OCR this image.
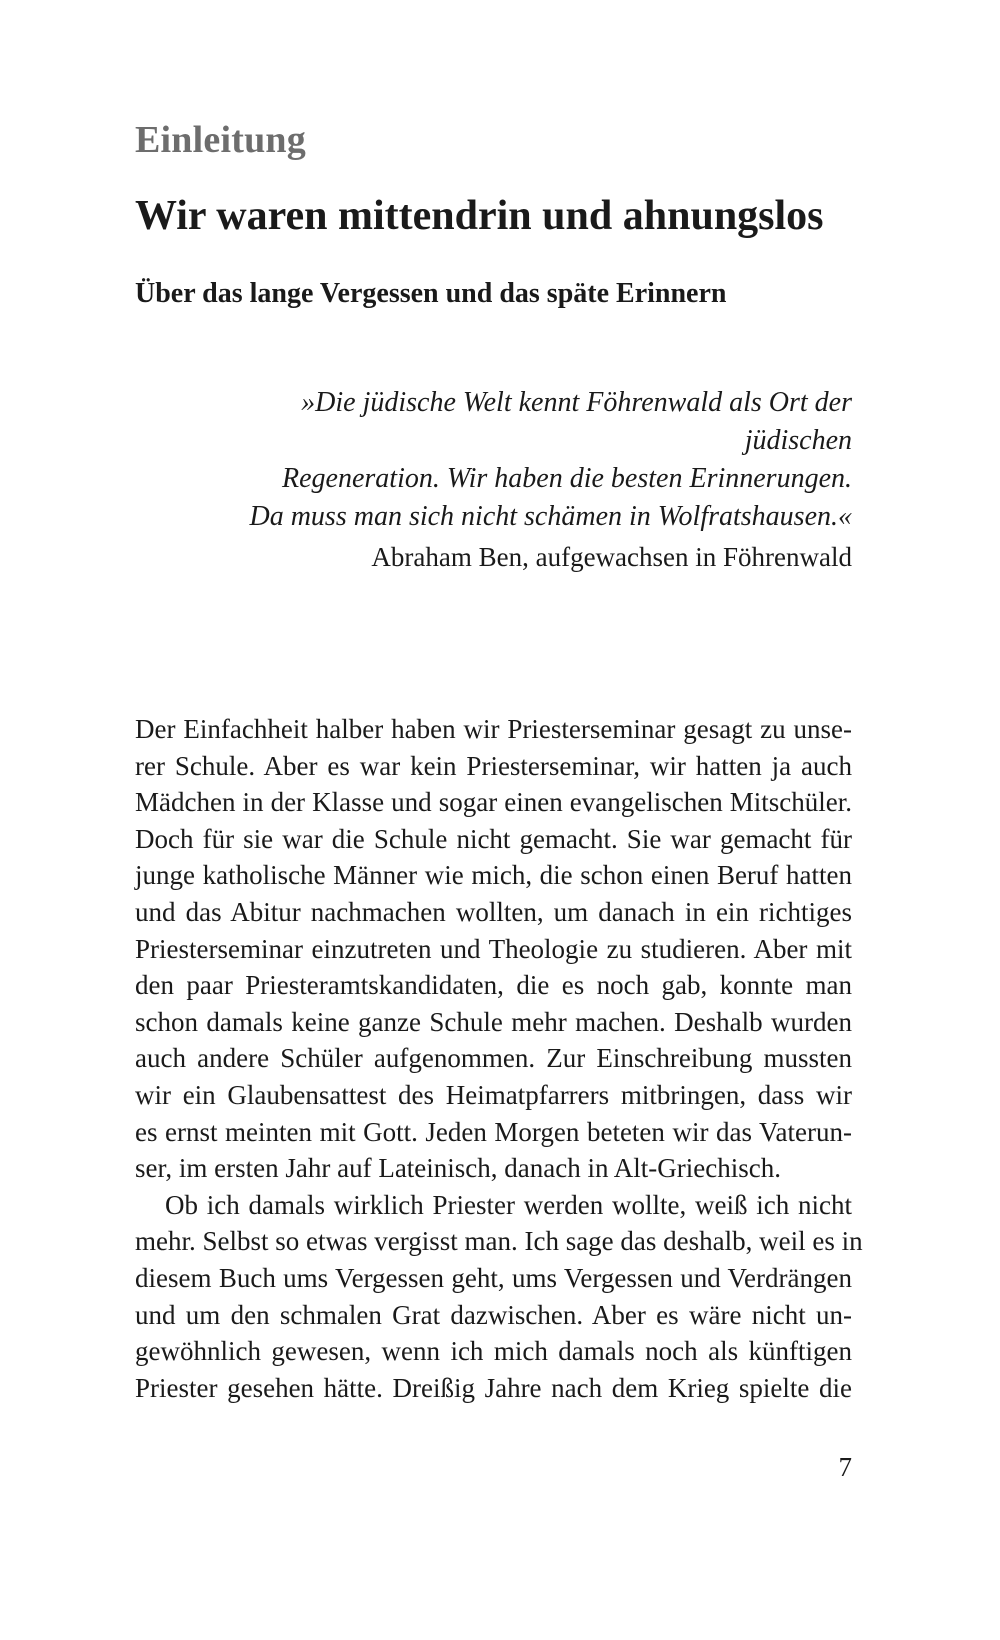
Einleitung
Wir waren mittendrin und ahnungslos
Über das lange Vergessen und das späte Erinnern
»Die jüdische Welt kennt Föhrenwald als Ort der jüdischen
Regeneration. Wir haben die besten Erinnerungen.
Da muss man sich nicht schämen in Wolfratshausen.«
Abraham Ben, aufgewachsen in Föhrenwald
Der Einfachheit halber haben wir Priesterseminar gesagt zu unse-
rer Schule. Aber es war kein Priesterseminar, wir hatten ja auch
Mädchen in der Klasse und sogar einen evangelischen Mitschüler.
Doch für sie war die Schule nicht gemacht. Sie war gemacht für
junge katholische Männer wie mich, die schon einen Beruf hatten
und das Abitur nachmachen wollten, um danach in ein richtiges
Priesterseminar einzutreten und Theologie zu studieren. Aber mit
den paar Priesteramtskandidaten, die es noch gab, konnte man
schon damals keine ganze Schule mehr machen. Deshalb wurden
auch andere Schüler aufgenommen. Zur Einschreibung mussten
wir ein Glaubensattest des Heimatpfarrers mitbringen, dass wir
es ernst meinten mit Gott. Jeden Morgen beteten wir das Vaterun-
ser, im ersten Jahr auf Lateinisch, danach in Alt-Griechisch.
Ob ich damals wirklich Priester werden wollte, weiß ich nicht
mehr. Selbst so etwas vergisst man. Ich sage das deshalb, weil es in
diesem Buch ums Vergessen geht, ums Vergessen und Verdrängen
und um den schmalen Grat dazwischen. Aber es wäre nicht un-
gewöhnlich gewesen, wenn ich mich damals noch als künftigen
Priester gesehen hätte. Dreißig Jahre nach dem Krieg spielte die
7
